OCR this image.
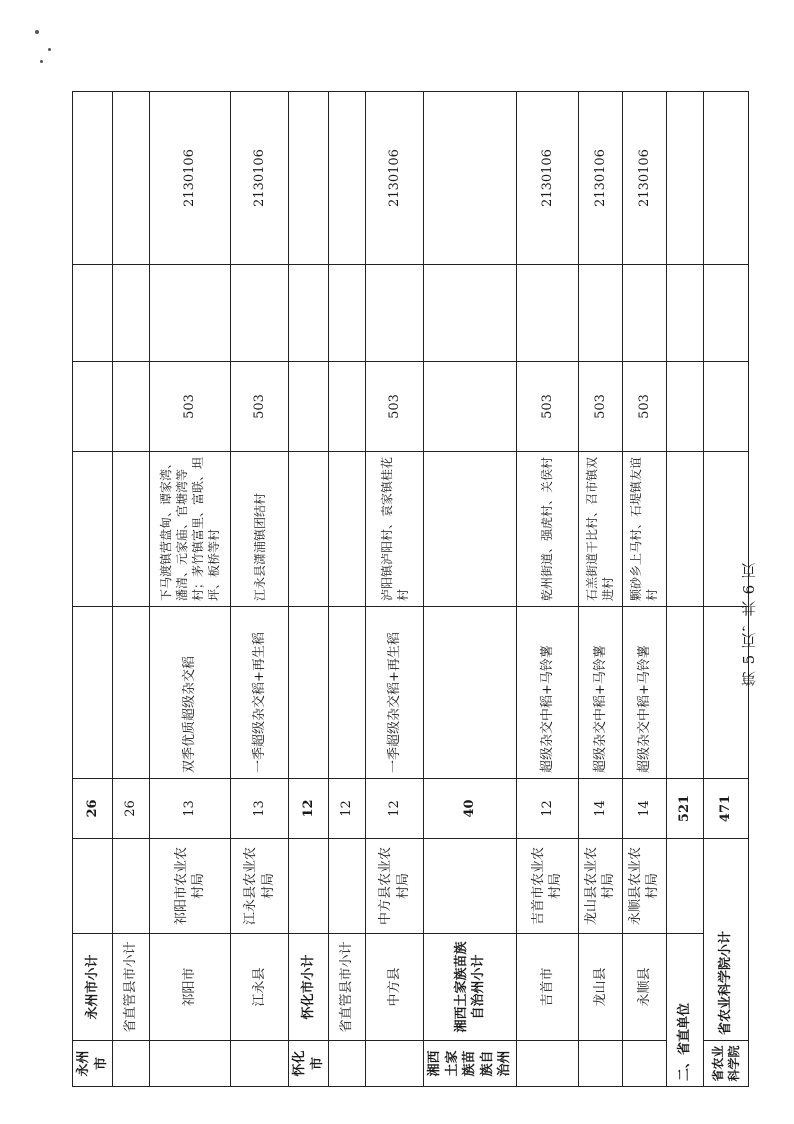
永州市	永州市小计		26					
	省直管县市小计		26					
	祁阳市	祁阳市农业农村局	13	双季优质超级杂交稻	下马渡镇营盘甸、谭家湾、潘清、元家庙、官塘湾等村；茅竹镇富里、富联、坦坪、板桥等村	503		2130106
	江永县	江永县农业农村局	13	一季超级杂交稻+再生稻	江永县潇浦镇团结村	503		2130106
怀化市	怀化市小计		12					
	省直管县市小计		12					
	中方县	中方县农业农村局	12	一季超级杂交稻+再生稻	泸阳镇泸阳村、袁家镇桂花村	503		2130106
湘西土家族苗族自治州	湘西土家族苗族自治州小计		40					
	吉首市	吉首市农业农村局	12	超级杂交中稻+马铃薯	乾州街道、强虎村、关侯村	503		2130106
	龙山县	龙山县农业农村局	14	超级杂交中稻+马铃薯	石羔街道干比村、召市镇双进村	503		2130106
	永顺县	永顺县农业农村局	14	超级杂交中稻+马铃薯	颗砂乡上马村、石堤镇友谊村	503		2130106
二、省直单位			521					
省农业科学院	省农业科学院小计		471					
第 5 页，共 6 页
